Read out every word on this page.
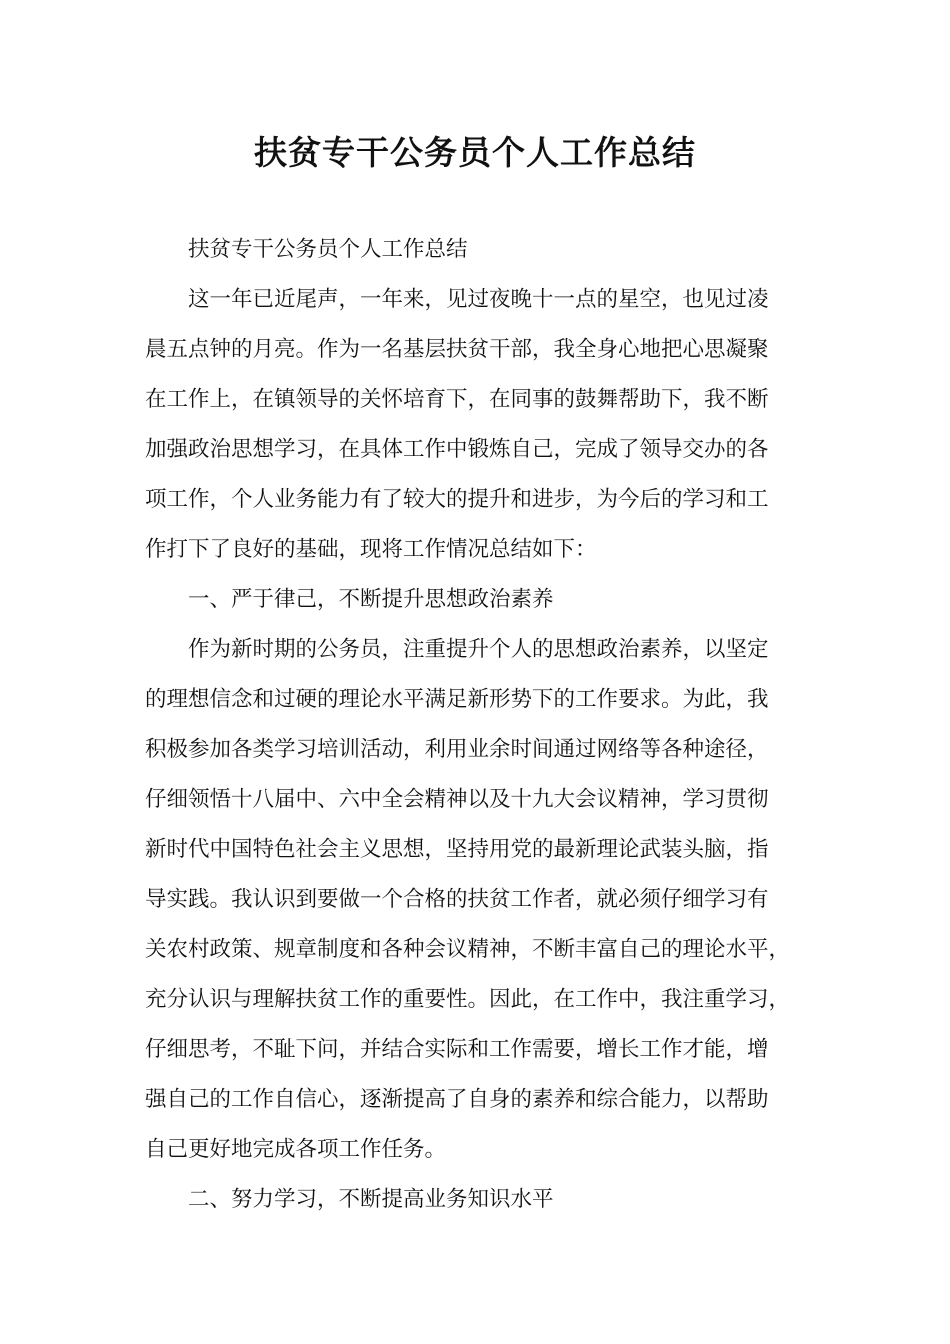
扶贫专干公务员个人工作总结

扶贫专干公务员个人工作总结

这一年已近尾声，一年来，见过夜晚十一点的星空，也见过凌

晨五点钟的月亮。作为一名基层扶贫干部，我全身心地把心思凝聚

在工作上，在镇领导的关怀培育下，在同事的鼓舞帮助下，我不断

加强政治思想学习，在具体工作中锻炼自己，完成了领导交办的各

项工作，个人业务能力有了较大的提升和进步，为今后的学习和工

作打下了良好的基础，现将工作情况总结如下：

一、严于律己，不断提升思想政治素养

作为新时期的公务员，注重提升个人的思想政治素养，以坚定

的理想信念和过硬的理论水平满足新形势下的工作要求。为此，我

积极参加各类学习培训活动，利用业余时间通过网络等各种途径，

仔细领悟十八届中、六中全会精神以及十九大会议精神，学习贯彻

新时代中国特色社会主义思想，坚持用党的最新理论武装头脑，指

导实践。我认识到要做一个合格的扶贫工作者，就必须仔细学习有

关农村政策、规章制度和各种会议精神，不断丰富自己的理论水平，

充分认识与理解扶贫工作的重要性。因此，在工作中，我注重学习，

仔细思考，不耻下问，并结合实际和工作需要，增长工作才能，增

强自己的工作自信心，逐渐提高了自身的素养和综合能力，以帮助

自己更好地完成各项工作任务。

二、努力学习，不断提高业务知识水平
